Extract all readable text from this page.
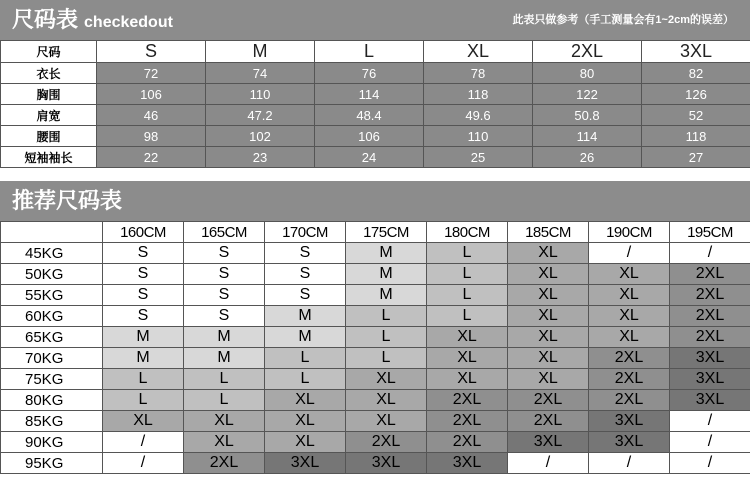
尺码表 checkedout	此表只做参考（手工测量会有1~2cm的误差）
尺码	S	M	L	XL	2XL	3XL
衣长	72	74	76	78	80	82
胸围	106	110	114	118	122	126
肩宽	46	47.2	48.4	49.6	50.8	52
腰围	98	102	106	110	114	118
短袖袖长	22	23	24	25	26	27
推荐尺码表
	160CM	165CM	170CM	175CM	180CM	185CM	190CM	195CM
45KG	S	S	S	M	L	XL	/	/
50KG	S	S	S	M	L	XL	XL	2XL
55KG	S	S	S	M	L	XL	XL	2XL
60KG	S	S	M	L	L	XL	XL	2XL
65KG	M	M	M	L	XL	XL	XL	2XL
70KG	M	M	L	L	XL	XL	2XL	3XL
75KG	L	L	L	XL	XL	XL	2XL	3XL
80KG	L	L	XL	XL	2XL	2XL	2XL	3XL
85KG	XL	XL	XL	XL	2XL	2XL	3XL	/
90KG	/	XL	XL	2XL	2XL	3XL	3XL	/
95KG	/	2XL	3XL	3XL	3XL	/	/	/
